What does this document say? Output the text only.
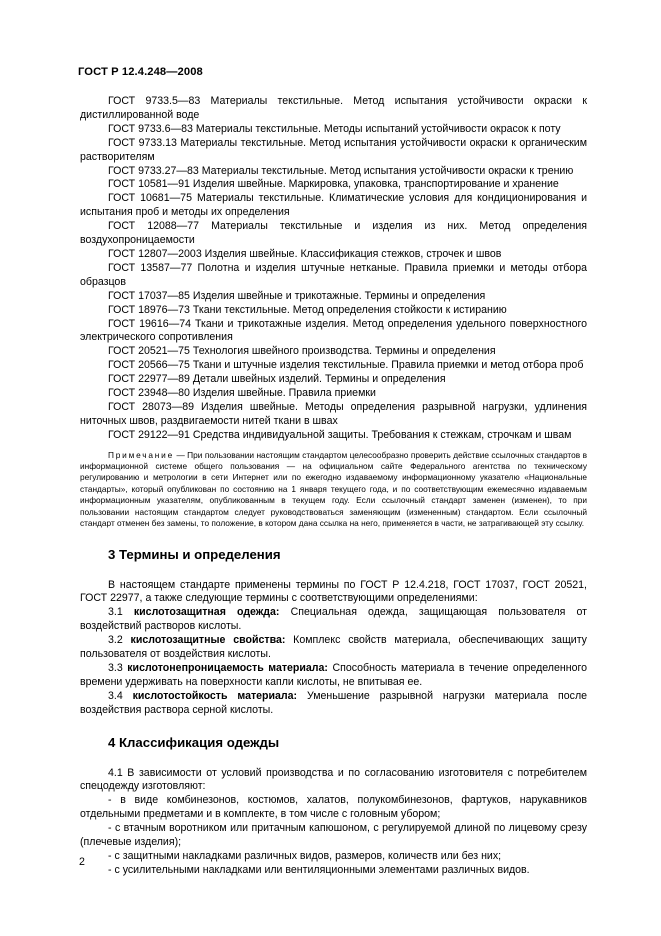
ГОСТ Р 12.4.248—2008

ГОСТ 9733.5—83 Материалы текстильные. Метод испытания устойчивости окраски к дистиллированной воде

ГОСТ 9733.6—83 Материалы текстильные. Методы испытаний устойчивости окрасок к поту

ГОСТ 9733.13 Материалы текстильные. Метод испытания устойчивости окраски к органическим растворителям

ГОСТ 9733.27—83 Материалы текстильные. Метод испытания устойчивости окраски к трению

ГОСТ 10581—91 Изделия швейные. Маркировка, упаковка, транспортирование и хранение

ГОСТ 10681—75 Материалы текстильные. Климатические условия для кондиционирования и испытания проб и методы их определения

ГОСТ 12088—77 Материалы текстильные и изделия из них. Метод определения воздухопроницаемости

ГОСТ 12807—2003 Изделия швейные. Классификация стежков, строчек и швов

ГОСТ 13587—77 Полотна и изделия штучные нетканые. Правила приемки и методы отбора образцов

ГОСТ 17037—85 Изделия швейные и трикотажные. Термины и определения

ГОСТ 18976—73 Ткани текстильные. Метод определения стойкости к истиранию

ГОСТ 19616—74 Ткани и трикотажные изделия. Метод определения удельного поверхностного электрического сопротивления

ГОСТ 20521—75 Технология швейного производства. Термины и определения

ГОСТ 20566—75 Ткани и штучные изделия текстильные. Правила приемки и метод отбора проб

ГОСТ 22977—89 Детали швейных изделий. Термины и определения

ГОСТ 23948—80 Изделия швейные. Правила приемки

ГОСТ 28073—89 Изделия швейные. Методы определения разрывной нагрузки, удлинения ниточных швов, раздвигаемости нитей ткани в швах

ГОСТ 29122—91 Средства индивидуальной защиты. Требования к стежкам, строчкам и швам

Примечание — При пользовании настоящим стандартом целесообразно проверить действие ссылочных стандартов в информационной системе общего пользования — на официальном сайте Федерального агентства по техническому регулированию и метрологии в сети Интернет или по ежегодно издаваемому информационному указателю «Национальные стандарты», который опубликован по состоянию на 1 января текущего года, и по соответствующим ежемесячно издаваемым информационным указателям, опубликованным в текущем году. Если ссылочный стандарт заменен (изменен), то при пользовании настоящим стандартом следует руководствоваться заменяющим (измененным) стандартом. Если ссылочный стандарт отменен без замены, то положение, в котором дана ссылка на него, применяется в части, не затрагивающей эту ссылку.

3 Термины и определения

В настоящем стандарте применены термины по ГОСТ Р 12.4.218, ГОСТ 17037, ГОСТ 20521, ГОСТ 22977, а также следующие термины с соответствующими определениями:

3.1 кислотозащитная одежда: Специальная одежда, защищающая пользователя от воздействий растворов кислоты.

3.2 кислотозащитные свойства: Комплекс свойств материала, обеспечивающих защиту пользователя от воздействия кислоты.

3.3 кислотонепроницаемость материала: Способность материала в течение определенного времени удерживать на поверхности капли кислоты, не впитывая ее.

3.4 кислотостойкость материала: Уменьшение разрывной нагрузки материала после воздействия раствора серной кислоты.

4 Классификация одежды

4.1 В зависимости от условий производства и по согласованию изготовителя с потребителем спецодежду изготовляют:

- в виде комбинезонов, костюмов, халатов, полукомбинезонов, фартуков, нарукавников отдельными предметами и в комплекте, в том числе с головным убором;

- с втачным воротником или притачным капюшоном, с регулируемой длиной по лицевому срезу (плечевые изделия);

- с защитными накладками различных видов, размеров, количеств или без них;

- с усилительными накладками или вентиляционными элементами различных видов.

2
